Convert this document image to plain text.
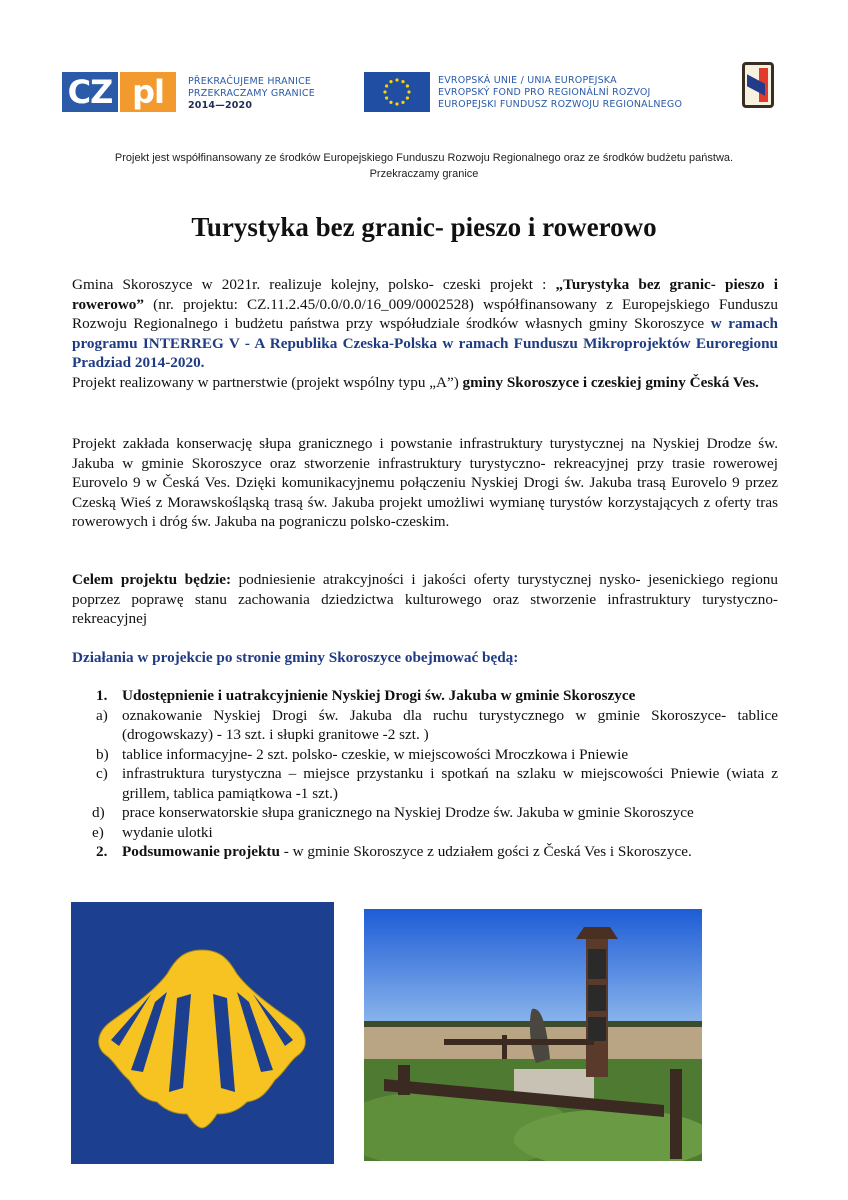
CZ pl	PŘEKRAČUJEME HRANICE
PRZEKRACZAMY GRANICE
2014—2020
EVROPSKÁ UNIE / UNIA EUROPEJSKA
EVROPSKÝ FOND PRO REGIONÁLNÍ ROZVOJ
EUROPEJSKI FUNDUSZ ROZWOJU REGIONALNEGO
Projekt jest współfinansowany ze środków Europejskiego Funduszu Rozwoju Regionalnego oraz ze środków budżetu państwa.
Przekraczamy granice
Turystyka bez granic- pieszo i rowerowo
Gmina Skoroszyce w 2021r. realizuje kolejny, polsko- czeski projekt : „Turystyka bez granic- pieszo i rowerowo” (nr. projektu: CZ.11.2.45/0.0/0.0/16_009/0002528) współfinansowany z Europejskiego Funduszu Rozwoju Regionalnego i budżetu państwa przy współudziale środków własnych gminy Skoroszyce w ramach programu INTERREG V - A Republika Czeska-Polska w ramach Funduszu Mikroprojektów Euroregionu Pradziad 2014-2020.
Projekt realizowany w partnerstwie (projekt wspólny typu „A”) gminy Skoroszyce i czeskiej gminy Česká Ves.
Projekt zakłada konserwację słupa granicznego i powstanie infrastruktury turystycznej na Nyskiej Drodze św. Jakuba w gminie Skoroszyce oraz stworzenie infrastruktury turystyczno- rekreacyjnej przy trasie rowerowej Eurovelo 9 w Česká Ves. Dzięki komunikacyjnemu połączeniu Nyskiej Drogi św. Jakuba trasą Eurovelo 9 przez Czeską Wieś z Morawskośląską trasą św. Jakuba projekt umożliwi wymianę turystów korzystających z oferty tras rowerowych i dróg św. Jakuba na pograniczu polsko-czeskim.
Celem projektu będzie: podniesienie atrakcyjności i jakości oferty turystycznej nysko- jesenickiego regionu poprzez poprawę stanu zachowania dziedzictwa kulturowego oraz stworzenie infrastruktury turystyczno- rekreacyjnej
Działania w projekcie po stronie gminy Skoroszyce obejmować będą:
1. Udostępnienie i uatrakcyjnienie Nyskiej Drogi św. Jakuba w gminie Skoroszyce
a) oznakowanie Nyskiej Drogi św. Jakuba dla ruchu turystycznego w gminie Skoroszyce- tablice (drogowskazy) - 13 szt. i słupki granitowe -2 szt. )
b) tablice informacyjne- 2 szt. polsko- czeskie, w miejscowości Mroczkowa i Pniewie
c) infrastruktura turystyczna – miejsce przystanku i spotkań na szlaku w miejscowości Pniewie (wiata z grillem, tablica pamiątkowa -1 szt.)
d)	prace konserwatorskie słupa granicznego na Nyskiej Drodze św. Jakuba w gminie Skoroszyce
e)	wydanie ulotki
2. Podsumowanie projektu - w gminie Skoroszyce z udziałem gości z Česká Ves i Skoroszyce.
